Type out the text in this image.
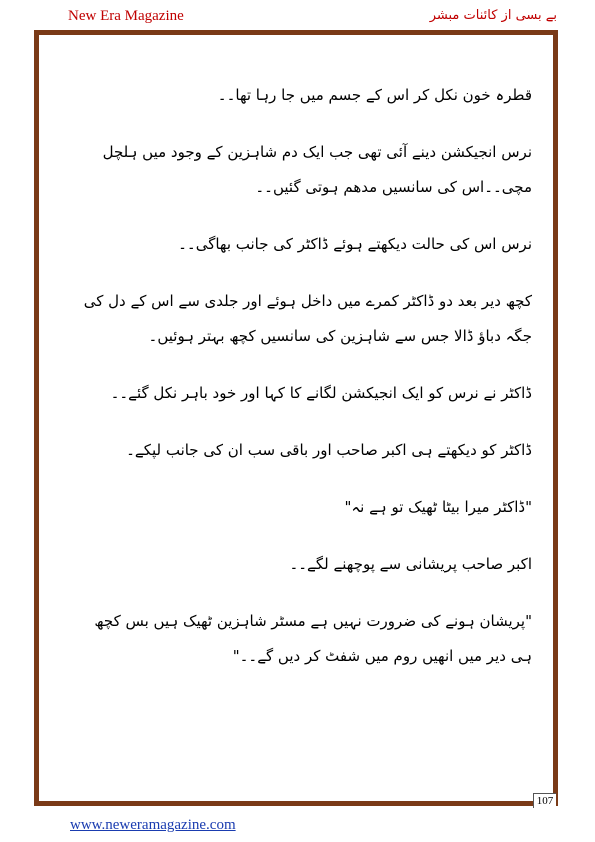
New Era Magazine	بے بسی از کائنات مبشر

قطرہ خون نکل کر اس کے جسم میں جا رہا تھا۔۔

نرس انجیکشن دینے آئی تھی جب ایک دم شاہزین کے وجود میں ہلچل مچی۔۔اس کی سانسیں مدھم ہوتی گئیں۔۔

نرس اس کی حالت دیکھتے ہوئے ڈاکٹر کی جانب بھاگی۔۔

کچھ دیر بعد دو ڈاکٹر کمرے میں داخل ہوئے اور جلدی سے اس کے دل کی جگہ دباؤ ڈالا جس سے شاہزین کی سانسیں کچھ بہتر ہوئیں۔

ڈاکٹر نے نرس کو ایک انجیکشن لگانے کا کہا اور خود باہر نکل گئے۔۔

ڈاکٹر کو دیکھتے ہی اکبر صاحب اور باقی سب ان کی جانب لپکے۔

"ڈاکٹر میرا بیٹا ٹھیک تو ہے نہ"

اکبر صاحب پریشانی سے پوچھنے لگے۔۔

"پریشان ہونے کی ضرورت نہیں ہے مسٹر شاہزین ٹھیک ہیں بس کچھ ہی دیر میں انھیں روم میں شفٹ کر دیں گے۔۔"

107
www.neweramagazine.com
